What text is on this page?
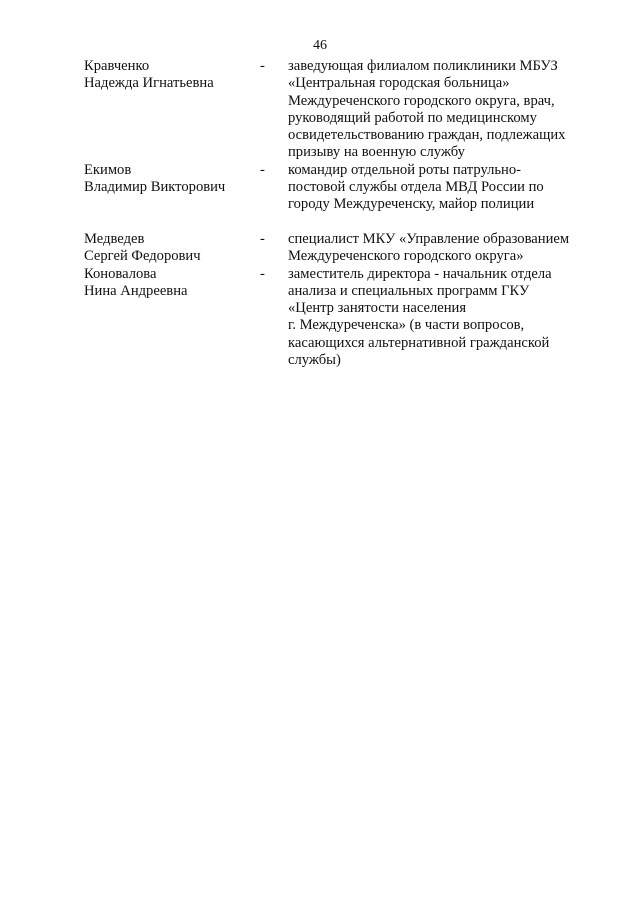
46
Кравченко
Надежда Игнатьевна
-	заведующая филиалом поликлиники МБУЗ
«Центральная городская больница»
Междуреченского городского округа, врач,
руководящий работой по медицинскому
освидетельствованию граждан, подлежащих
призыву на военную службу
Екимов
Владимир Викторович
-	командир отдельной роты патрульно-
постовой службы отдела МВД России по
городу Междуреченску, майор полиции
Медведев
Сергей Федорович
-	специалист МКУ «Управление образованием
Междуреченского городского округа»
Коновалова
Нина Андреевна
-	заместитель директора - начальник отдела
анализа и специальных программ ГКУ
«Центр занятости населения
г. Междуреченска» (в части вопросов,
касающихся альтернативной гражданской
службы)
